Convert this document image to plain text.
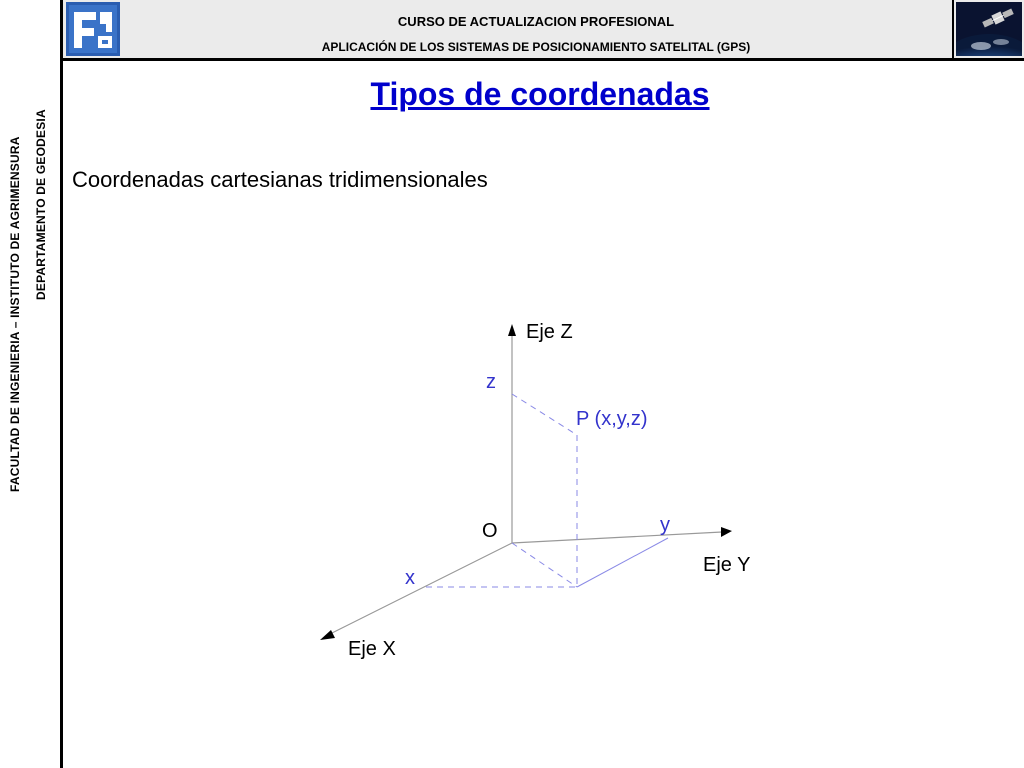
CURSO DE ACTUALIZACION PROFESIONAL
APLICACIÓN DE LOS SISTEMAS DE POSICIONAMIENTO SATELITAL (GPS)
FACULTAD DE INGENIERIA – INSTITUTO DE AGRIMENSURA DEPARTAMENTO DE GEODESIA
Tipos de coordenadas
Coordenadas cartesianas tridimensionales
Eje Z
z
P (x,y,z)
O	y
Eje Y
x
Eje X
